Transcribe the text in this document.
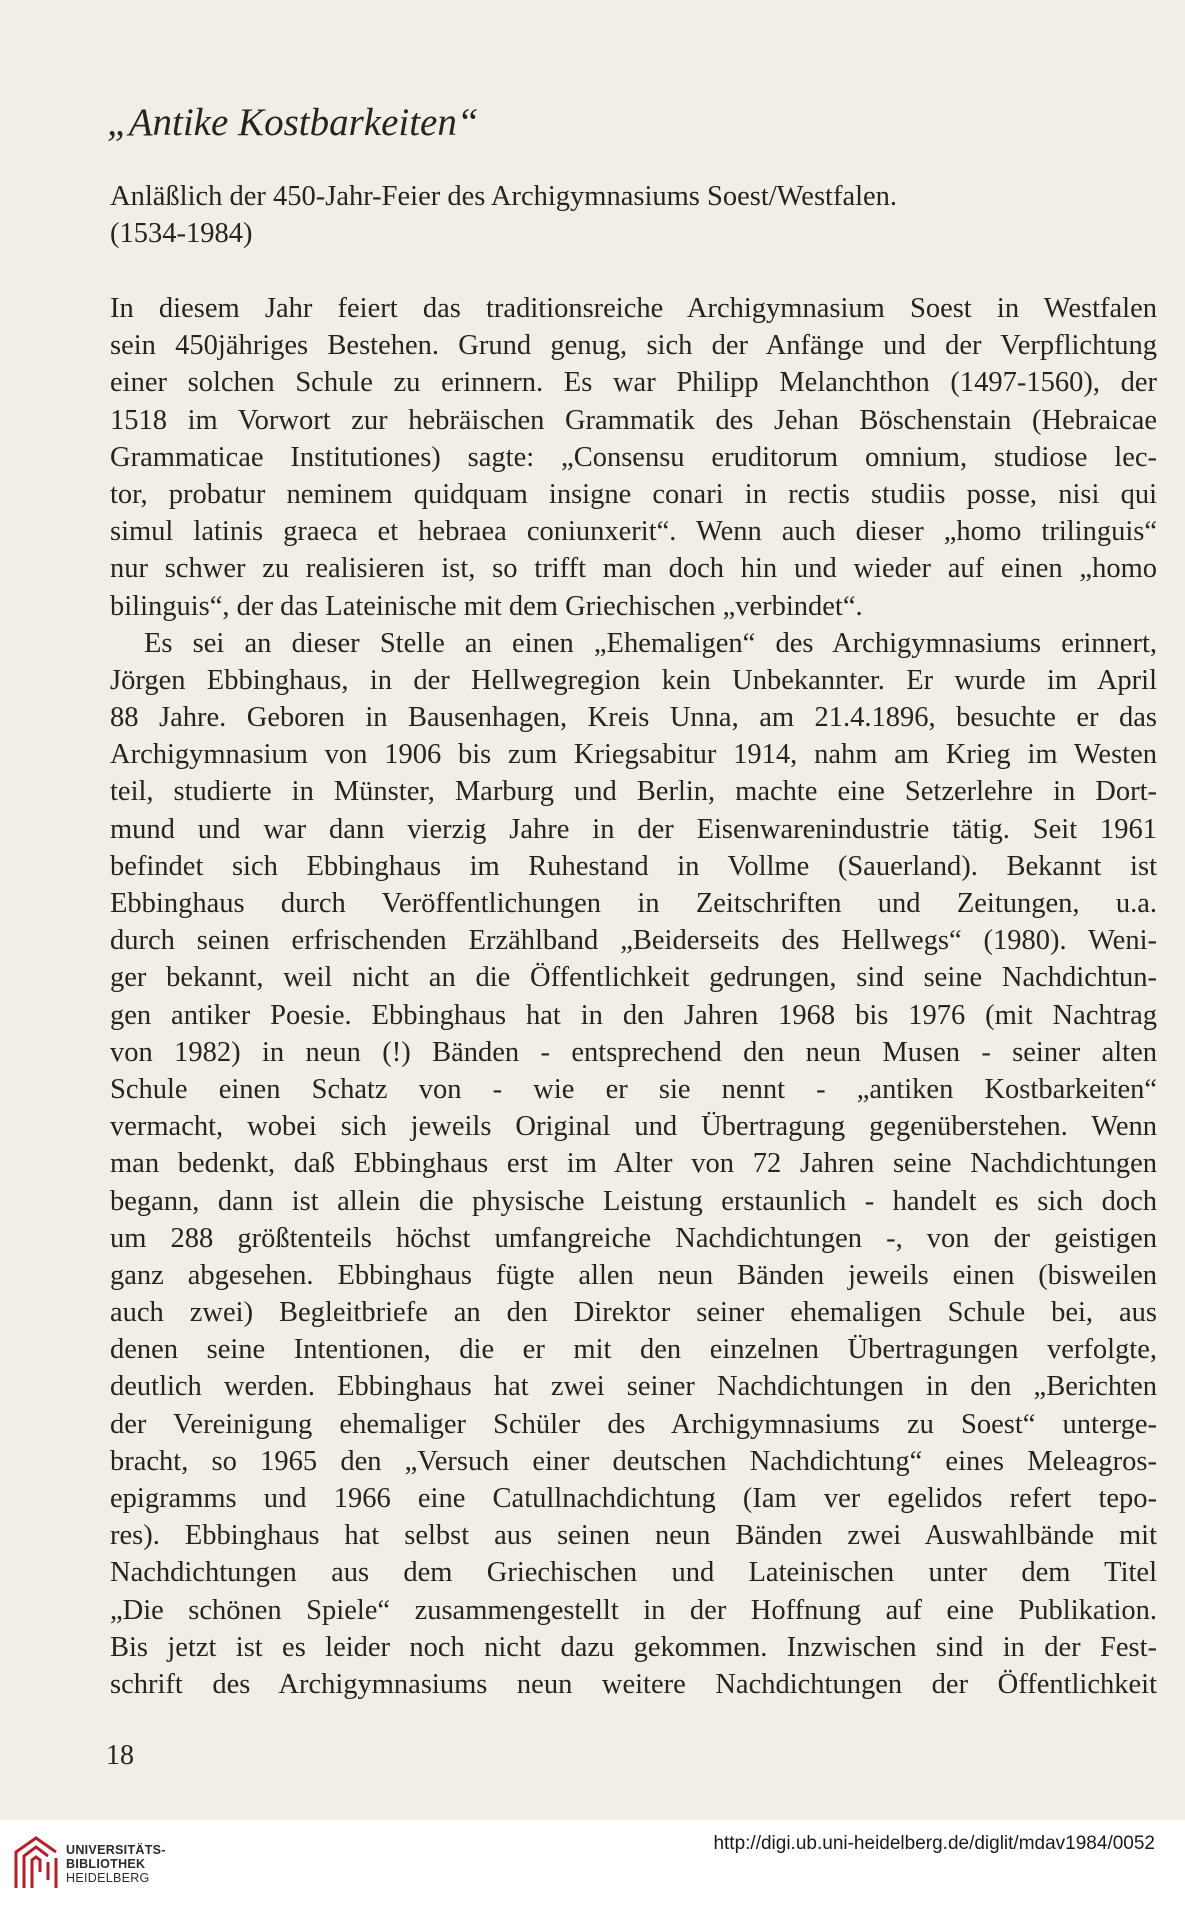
„Antike Kostbarkeiten“
Anläßlich der 450-Jahr-Feier des Archigymnasiums Soest/Westfalen.
(1534-1984)
In diesem Jahr feiert das traditionsreiche Archigymnasium Soest in Westfalen
sein 450jähriges Bestehen. Grund genug, sich der Anfänge und der Verpflichtung
einer solchen Schule zu erinnern. Es war Philipp Melanchthon (1497-1560), der
1518 im Vorwort zur hebräischen Grammatik des Jehan Böschenstain (Hebraicae
Grammaticae Institutiones) sagte: „Consensu eruditorum omnium, studiose lec-
tor, probatur neminem quidquam insigne conari in rectis studiis posse, nisi qui
simul latinis graeca et hebraea coniunxerit“. Wenn auch dieser „homo trilinguis“
nur schwer zu realisieren ist, so trifft man doch hin und wieder auf einen „homo
bilinguis“, der das Lateinische mit dem Griechischen „verbindet“.
Es sei an dieser Stelle an einen „Ehemaligen“ des Archigymnasiums erinnert,
Jörgen Ebbinghaus, in der Hellwegregion kein Unbekannter. Er wurde im April
88 Jahre. Geboren in Bausenhagen, Kreis Unna, am 21.4.1896, besuchte er das
Archigymnasium von 1906 bis zum Kriegsabitur 1914, nahm am Krieg im Westen
teil, studierte in Münster, Marburg und Berlin, machte eine Setzerlehre in Dort-
mund und war dann vierzig Jahre in der Eisenwarenindustrie tätig. Seit 1961
befindet sich Ebbinghaus im Ruhestand in Vollme (Sauerland). Bekannt ist
Ebbinghaus durch Veröffentlichungen in Zeitschriften und Zeitungen, u.a.
durch seinen erfrischenden Erzählband „Beiderseits des Hellwegs“ (1980). Weni-
ger bekannt, weil nicht an die Öffentlichkeit gedrungen, sind seine Nachdichtun-
gen antiker Poesie. Ebbinghaus hat in den Jahren 1968 bis 1976 (mit Nachtrag
von 1982) in neun (!) Bänden - entsprechend den neun Musen - seiner alten
Schule einen Schatz von - wie er sie nennt - „antiken Kostbarkeiten“
vermacht, wobei sich jeweils Original und Übertragung gegenüberstehen. Wenn
man bedenkt, daß Ebbinghaus erst im Alter von 72 Jahren seine Nachdichtungen
begann, dann ist allein die physische Leistung erstaunlich - handelt es sich doch
um 288 größtenteils höchst umfangreiche Nachdichtungen -, von der geistigen
ganz abgesehen. Ebbinghaus fügte allen neun Bänden jeweils einen (bisweilen
auch zwei) Begleitbriefe an den Direktor seiner ehemaligen Schule bei, aus
denen seine Intentionen, die er mit den einzelnen Übertragungen verfolgte,
deutlich werden. Ebbinghaus hat zwei seiner Nachdichtungen in den „Berichten
der Vereinigung ehemaliger Schüler des Archigymnasiums zu Soest“ unterge-
bracht, so 1965 den „Versuch einer deutschen Nachdichtung“ eines Meleagros-
epigramms und 1966 eine Catullnachdichtung (Iam ver egelidos refert tepo-
res). Ebbinghaus hat selbst aus seinen neun Bänden zwei Auswahlbände mit
Nachdichtungen aus dem Griechischen und Lateinischen unter dem Titel
„Die schönen Spiele“ zusammengestellt in der Hoffnung auf eine Publikation.
Bis jetzt ist es leider noch nicht dazu gekommen. Inzwischen sind in der Fest-
schrift des Archigymnasiums neun weitere Nachdichtungen der Öffentlichkeit
18
UNIVERSITÄTS-
BIBLIOTHEK
HEIDELBERG
http://digi.ub.uni-heidelberg.de/diglit/mdav1984/0052
